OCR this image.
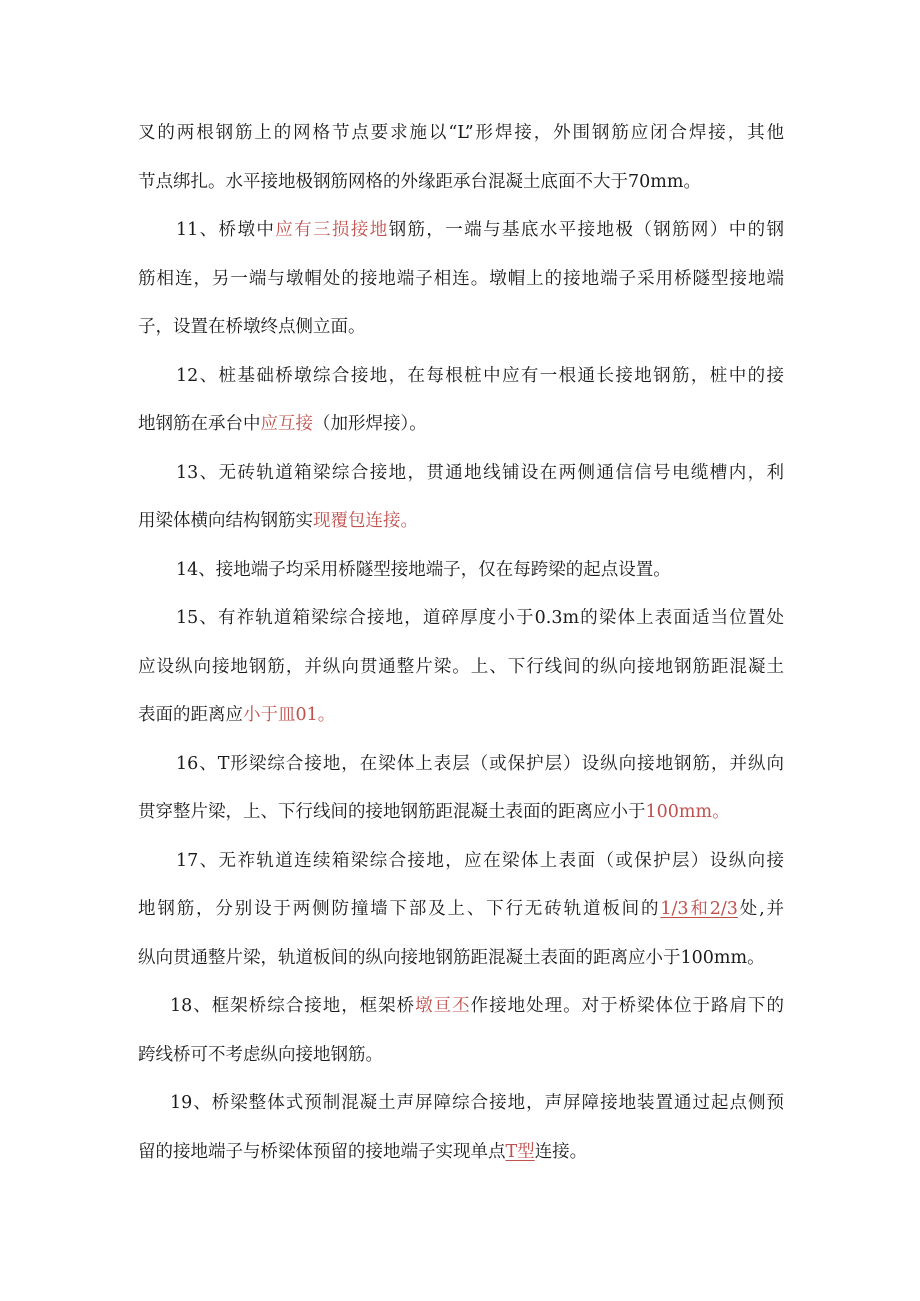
叉的两根钢筋上的网格节点要求施以“L”形焊接，外围钢筋应闭合焊接，其他
节点绑扎。水平接地极钢筋网格的外缘距承台混凝土底面不大于70mm。
11、桥墩中应有三损接地钢筋，一端与基底水平接地极（钢筋网）中的钢
筋相连，另一端与墩帽处的接地端子相连。墩帽上的接地端子采用桥隧型接地端
子，设置在桥墩终点侧立面。
12、桩基础桥墩综合接地，在每根桩中应有一根通长接地钢筋，桩中的接
地钢筋在承台中应互接（加形焊接）。
13、无砖轨道箱梁综合接地，贯通地线铺设在两侧通信信号电缆槽内，利
用梁体横向结构钢筋实现覆包连接。
14、接地端子均采用桥隧型接地端子，仅在每跨梁的起点设置。
15、有祚轨道箱梁综合接地，道碎厚度小于0.3m的梁体上表面适当位置处
应设纵向接地钢筋，并纵向贯通整片梁。上、下行线间的纵向接地钢筋距混凝土
表面的距离应小于皿01。
16、T形梁综合接地，在梁体上表层（或保护层）设纵向接地钢筋，并纵向
贯穿整片梁，上、下行线间的接地钢筋距混凝土表面的距离应小于100mm。
17、无祚轨道连续箱梁综合接地，应在梁体上表面（或保护层）设纵向接
地钢筋，分别设于两侧防撞墙下部及上、下行无砖轨道板间的1/3和2/3处,并
纵向贯通整片梁，轨道板间的纵向接地钢筋距混凝土表面的距离应小于100mm。
18、框架桥综合接地，框架桥墩亘丕作接地处理。对于桥梁体位于路肩下的
跨线桥可不考虑纵向接地钢筋。
19、桥梁整体式预制混凝土声屏障综合接地，声屏障接地装置通过起点侧预
留的接地端子与桥梁体预留的接地端子实现单点T型连接。
